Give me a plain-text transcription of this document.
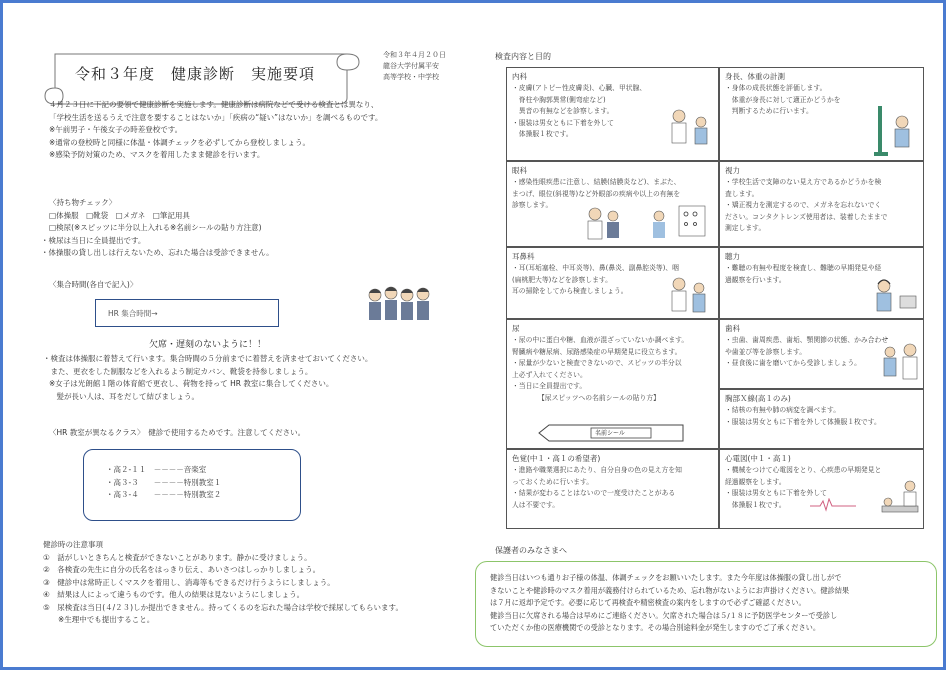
令和３年度　健康診断　実施要項
令和３年４月２０日
龍谷大学付属平安
高等学校・中学校
４月２３日に下記の要領で健康診断を実施します。健康診断は病院などで受ける検査とは異なり、
「学校生活を送るうえで注意を要することはないか」「疾病の“疑い”はないか」を調べるものです。
※午前男子・午後女子の時差登校です。
※通常の登校時と同様に体温・体調チェックを必ずしてから登校しましょう。
※感染予防対策のため、マスクを着用したまま健診を行います。
〈持ち物チェック〉
□体操服　□靴袋　□メガネ　□筆記用具
□検尿(※スピッツに半分以上入れる※名前シールの貼り方注意)
・検尿は当日に全員提出です。
・体操服の貸し出しは行えないため、忘れた場合は受診できません。
〈集合時間(各自で記入)〉
HR 集合時間→
欠席・遅刻のないように！！
・検査は体操服に着替えて行います。集合時間の５分前までに着替えを済ませておいてください。
　また、更衣をした制服などを入れるよう制定カバン、靴袋を持参しましょう。
※女子は光朗館１階の体育館で更衣し、荷物を持って HR 教室に集合してください。
　髪が長い人は、耳をだして結びましょう。
〈HR 教室が異なるクラス〉　健診で使用するためです。注意してください。
・高２-１１　－－－－音楽室
・高３-３　　－－－－特別教室１
・高３-４　　－－－－特別教室２
健診時の注意事項
①　話がしいときちんと検査ができないことがあります。静かに受けましょう。
②　各検査の先生に自分の氏名をはっきり伝え、あいさつはしっかりしましょう。
③　健診中は常時正しくマスクを着用し、消毒等もできるだけ行うようにしましょう。
④　結果は人によって違うものです。他人の結果は見ないようにしましょう。
⑤　尿検査は当日(４/２３)しか提出できません。持ってくるのを忘れた場合は学校で採尿してもらいます。
　　※生理中でも提出すること。
検査内容と目的
内科
・皮膚(アトピー性皮膚炎)、心臓、甲状腺、
　脊柱や胸郭異常(側弯症など)
　異音の有無などを診察します。
・服装は男女ともに下着を外して
　体操服１枚です。
身長、体重の計測
・身体の成長状態を評価します。
　体重が身長に対して適正かどうかを
　判断するために行います。
眼科
・感染性眼疾患に注意し、結膜(結膜炎など)、まぶた、
まつげ、眼位(斜視等)など外眼部の疾病や以上の有無を
診察します。
視力
・学校生活で支障のない見え方であるかどうかを検
査します。
・矯正視力を測定するので、メガネを忘れないでく
ださい。コンタクトレンズ使用者は、装着したままで
測定します。
耳鼻科
・耳(耳垢塞栓、中耳炎等)、鼻(鼻炎、副鼻腔炎等)、咽
(扁桃肥大等)などを診察します。
耳の掃除をしてから検査しましょう。
聴力
・難聴の有無や程度を検査し、難聴の早期発見や経
過観察を行います。
尿
・尿の中に蛋白や糖、血液が混ざっていないか調べます。
腎臓病や糖尿病、尿路感染症の早期発見に役立ちます。
・尿量が少ないと検査できないので、スピッツの半分以
上必ず入れてください。
・当日に全員提出です。
【尿スピッツへの名前シールの貼り方】
歯科
・虫歯、歯周疾患、歯垢、顎関節の状態、かみ合わせ
や歯並び等を診察します。
・昼食後に歯を磨いてから受診しましょう。
胸部Ｘ線(高１のみ)
・結核の有無や肺の病変を調べます。
・服装は男女ともに下着を外して体操服１枚です。
色覚(中１・高１の希望者)
・進路や職業選択にあたり、自分自身の色の見え方を知
っておくために行います。
・結果が変わることはないので一度受けたことがある
人は不要です。
心電図(中１・高１)
・機械をつけて心電図をとり、心疾患の早期発見と
経過観察をします。
・服装は男女ともに下着を外して
　体操服１枚です。
名前シール
保護者のみなさまへ
健診当日はいつも通りお子様の体温、体調チェックをお願いいたします。また今年度は体操服の貸し出しがで
きないことや健診時のマスク着用が義務付けられているため、忘れ物がないようにお声掛けください。健診結果
は７月に返却予定です。必要に応じて再検査や精密検査の案内をしますので必ずご確認ください。
健診当日に欠席される場合は早めにご連絡ください。欠席された場合は５/１８に予防医学センターで受診し
ていただくか他の医療機関での受診となります。その場合別途料金が発生しますのでご了承ください。
